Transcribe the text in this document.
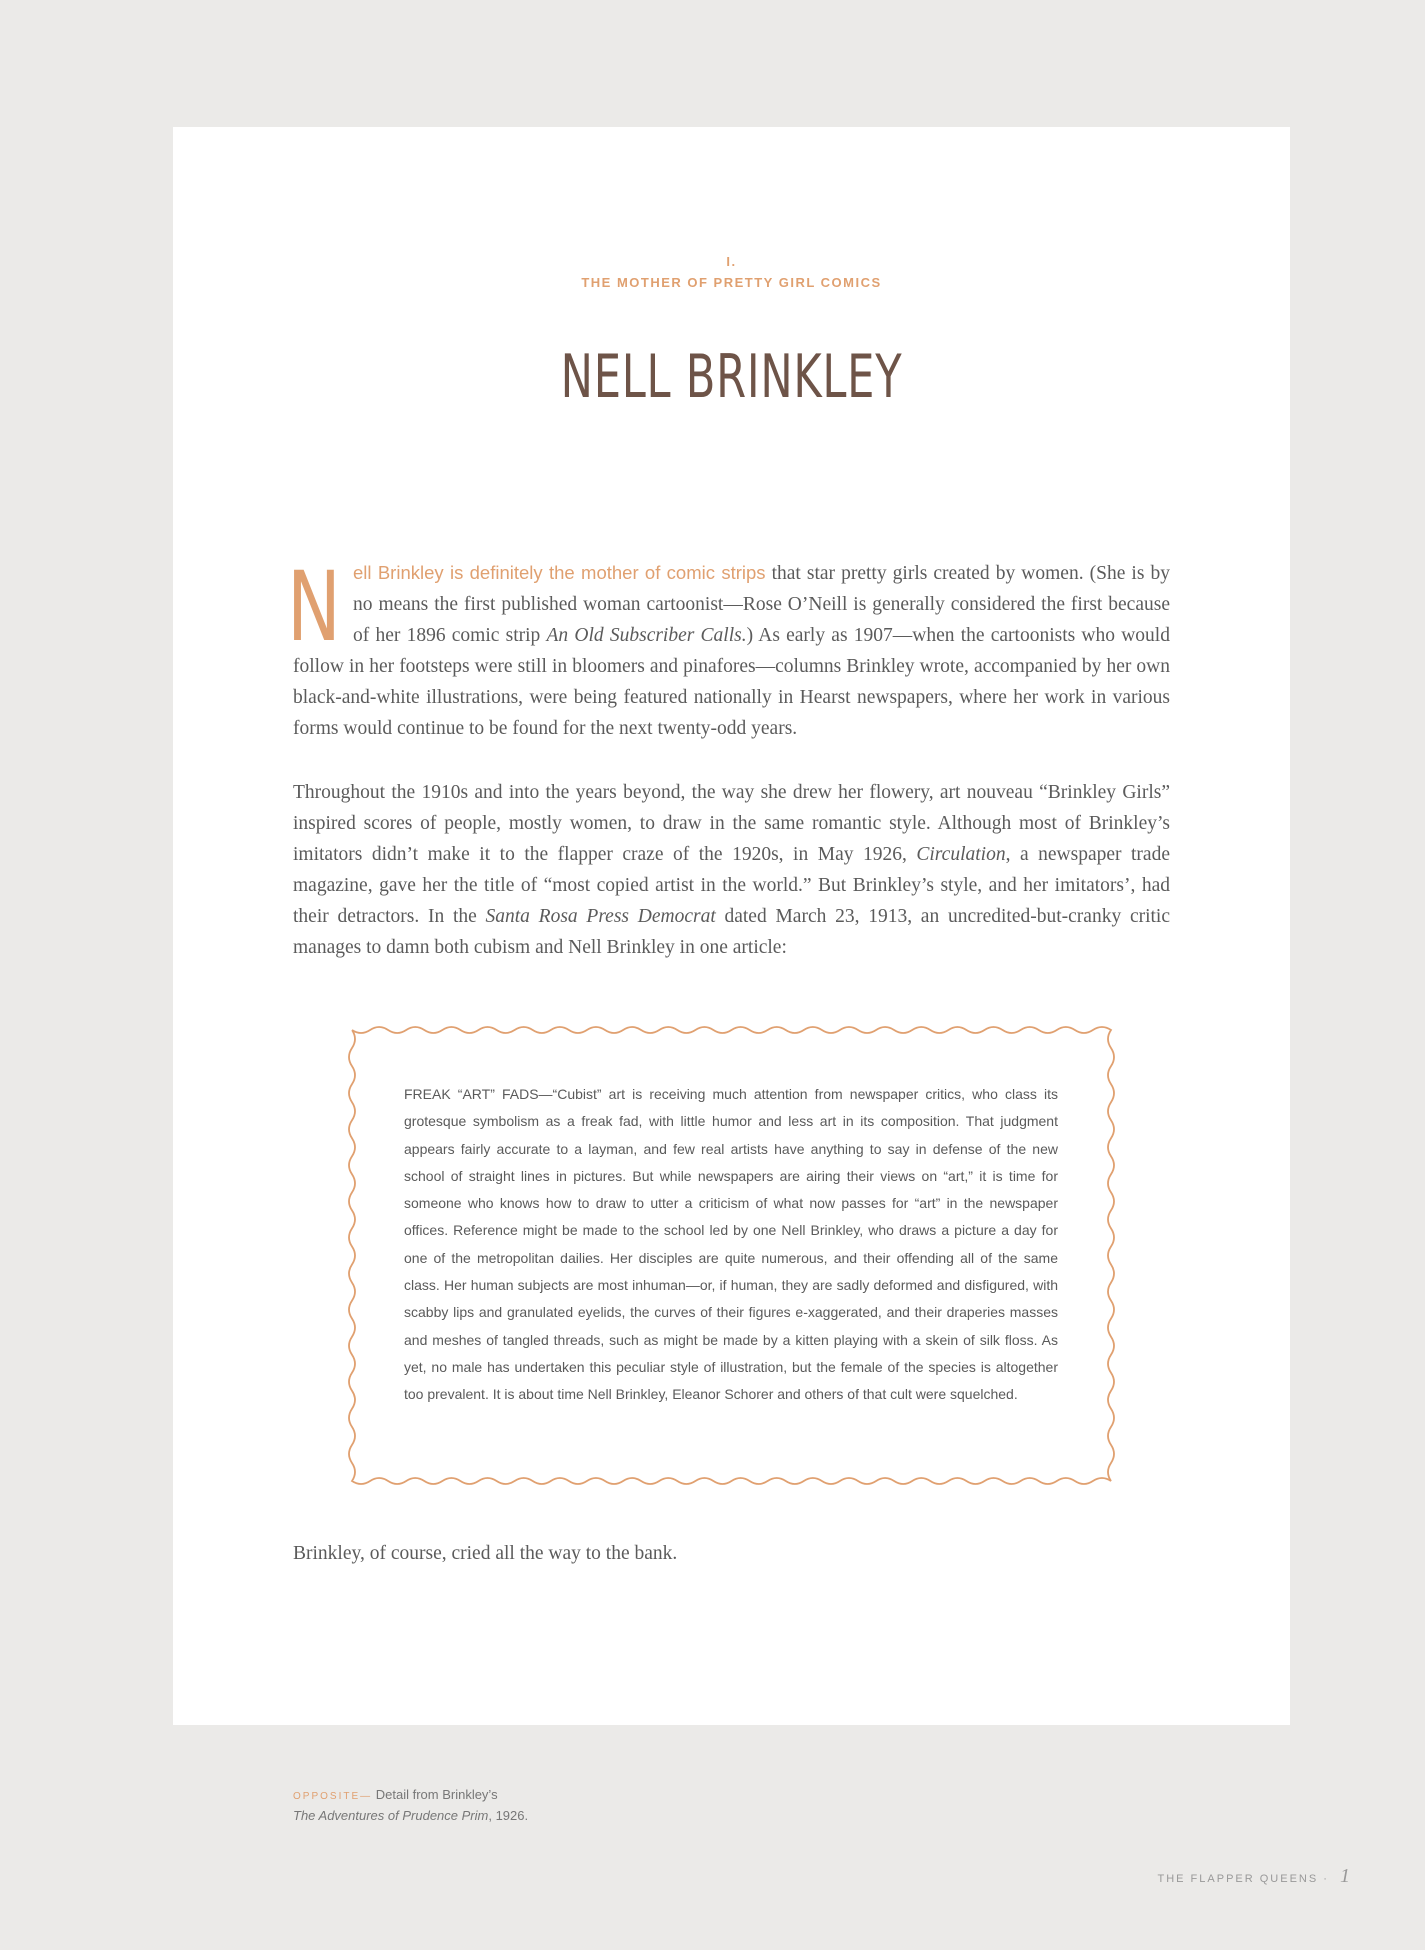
I.
THE MOTHER OF PRETTY GIRL COMICS
NELL BRINKLEY
Nell Brinkley is definitely the mother of comic strips that star pretty girls created by women. (She is by no means the first published woman cartoonist—Rose O’Neill is generally considered the first because of her 1896 comic strip An Old Subscriber Calls.) As early as 1907—when the cartoonists who would follow in her footsteps were still in bloomers and pinafores—columns Brinkley wrote, accompanied by her own black-and-white illustrations, were being featured nationally in Hearst newspapers, where her work in various forms would continue to be found for the next twenty-odd years.
Throughout the 1910s and into the years beyond, the way she drew her flowery, art nouveau “Brinkley Girls” inspired scores of people, mostly women, to draw in the same romantic style. Although most of Brinkley’s imitators didn’t make it to the flapper craze of the 1920s, in May 1926, Circulation, a newspaper trade magazine, gave her the title of “most copied artist in the world.” But Brinkley’s style, and her imitators’, had their detractors. In the Santa Rosa Press Democrat dated March 23, 1913, an uncredited-but-cranky critic manages to damn both cubism and Nell Brinkley in one article:
FREAK “ART” FADS—“Cubist” art is receiving much attention from newspaper critics, who class its grotesque symbolism as a freak fad, with little humor and less art in its composition. That judgment appears fairly accurate to a layman, and few real artists have anything to say in defense of the new school of straight lines in pictures. But while newspapers are airing their views on “art,” it is time for someone who knows how to draw to utter a criticism of what now passes for “art” in the newspaper offices. Reference might be made to the school led by one Nell Brinkley, who draws a picture a day for one of the metropolitan dailies. Her disciples are quite numerous, and their offending all of the same class. Her human subjects are most inhuman—or, if human, they are sadly deformed and disfigured, with scabby lips and granulated eyelids, the curves of their figures e-xaggerated, and their draperies masses and meshes of tangled threads, such as might be made by a kitten playing with a skein of silk floss. As yet, no male has undertaken this peculiar style of illustration, but the female of the species is altogether too prevalent. It is about time Nell Brinkley, Eleanor Schorer and others of that cult were squelched.
Brinkley, of course, cried all the way to the bank.
OPPOSITE— Detail from Brinkley’s
The Adventures of Prudence Prim, 1926.
THE FLAPPER QUEENS · 1
